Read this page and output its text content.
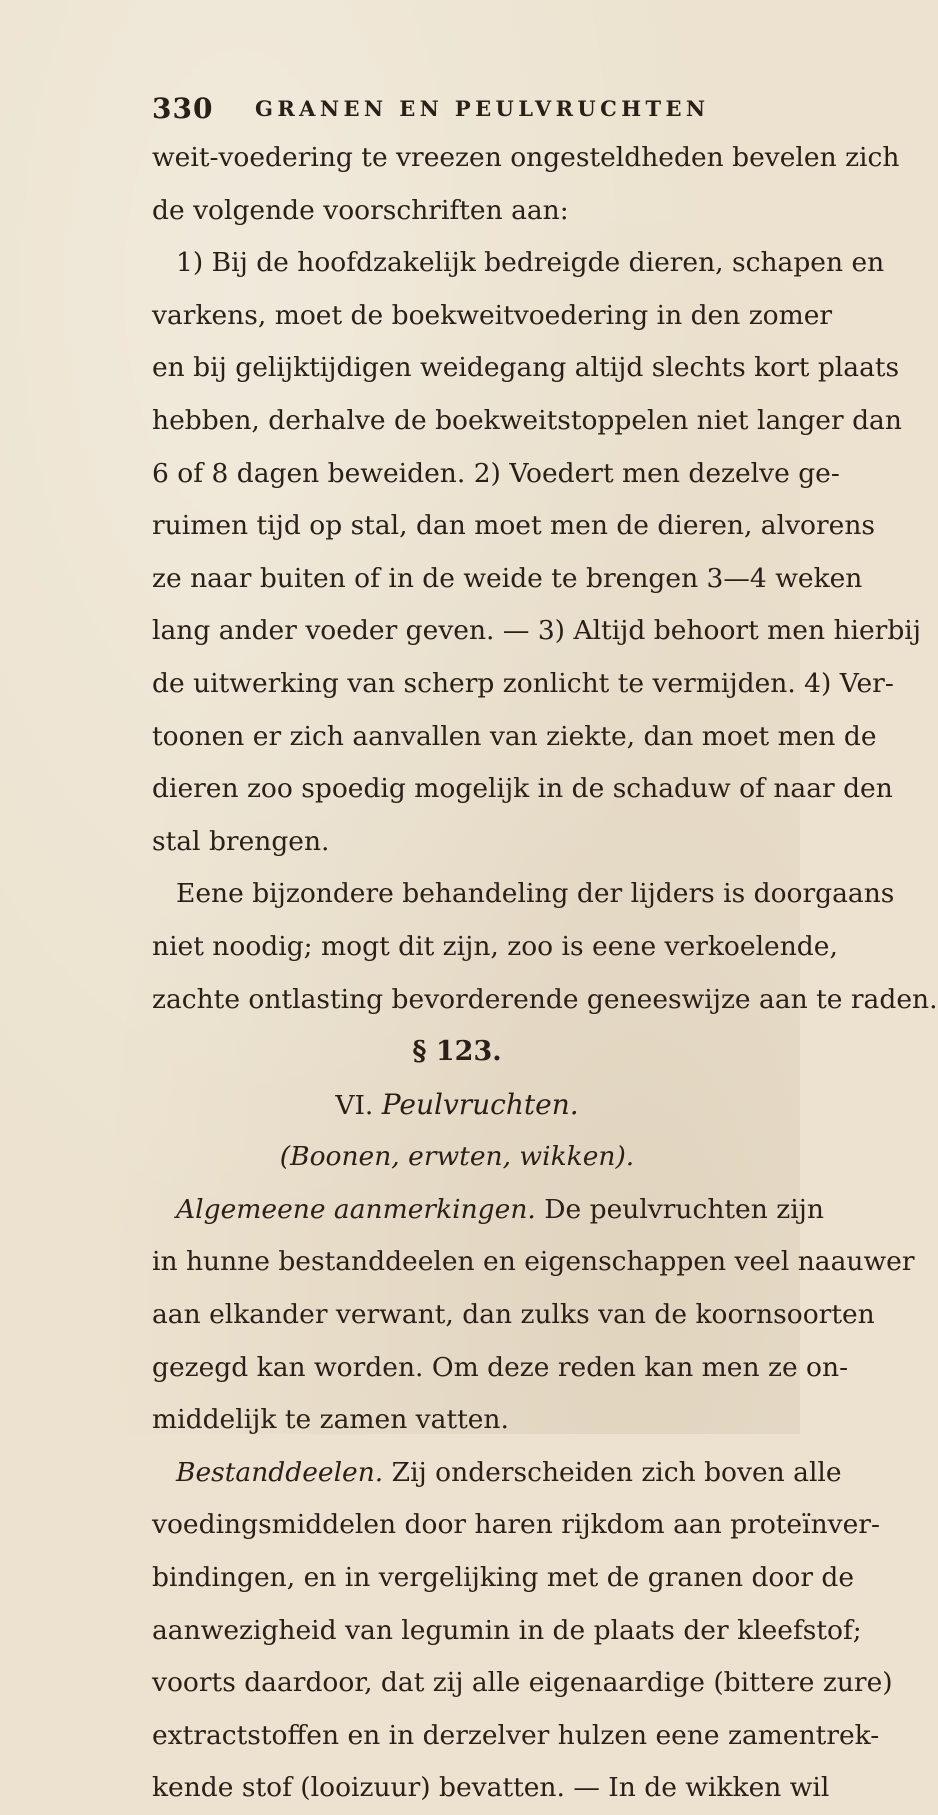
330 GRANEN EN PEULVRUCHTEN
weit-voedering te vreezen ongesteldheden bevelen zich
de volgende voorschriften aan:
1) Bij de hoofdzakelijk bedreigde dieren, schapen en
varkens, moet de boekweitvoedering in den zomer
en bij gelijktijdigen weidegang altijd slechts kort plaats
hebben, derhalve de boekweitstoppelen niet langer dan
6 of 8 dagen beweiden. 2) Voedert men dezelve ge-
ruimen tijd op stal, dan moet men de dieren, alvorens
ze naar buiten of in de weide te brengen 3—4 weken
lang ander voeder geven. — 3) Altijd behoort men hierbij
de uitwerking van scherp zonlicht te vermijden. 4) Ver-
toonen er zich aanvallen van ziekte, dan moet men de
dieren zoo spoedig mogelijk in de schaduw of naar den
stal brengen.
Eene bijzondere behandeling der lijders is doorgaans
niet noodig; mogt dit zijn, zoo is eene verkoelende,
zachte ontlasting bevorderende geneeswijze aan te raden.
§ 123.
VI. Peulvruchten.
(Boonen, erwten, wikken).
Algemeene aanmerkingen. De peulvruchten zijn
in hunne bestanddeelen en eigenschappen veel naauwer
aan elkander verwant, dan zulks van de koornsoorten
gezegd kan worden. Om deze reden kan men ze on-
middelijk te zamen vatten.
Bestanddeelen. Zij onderscheiden zich boven alle
voedingsmiddelen door haren rijkdom aan proteïnver-
bindingen, en in vergelijking met de granen door de
aanwezigheid van legumin in de plaats der kleefstof;
voorts daardoor, dat zij alle eigenaardige (bittere zure)
extractstoffen en in derzelver hulzen eene zamentrek-
kende stof (looizuur) bevatten. — In de wikken wil
